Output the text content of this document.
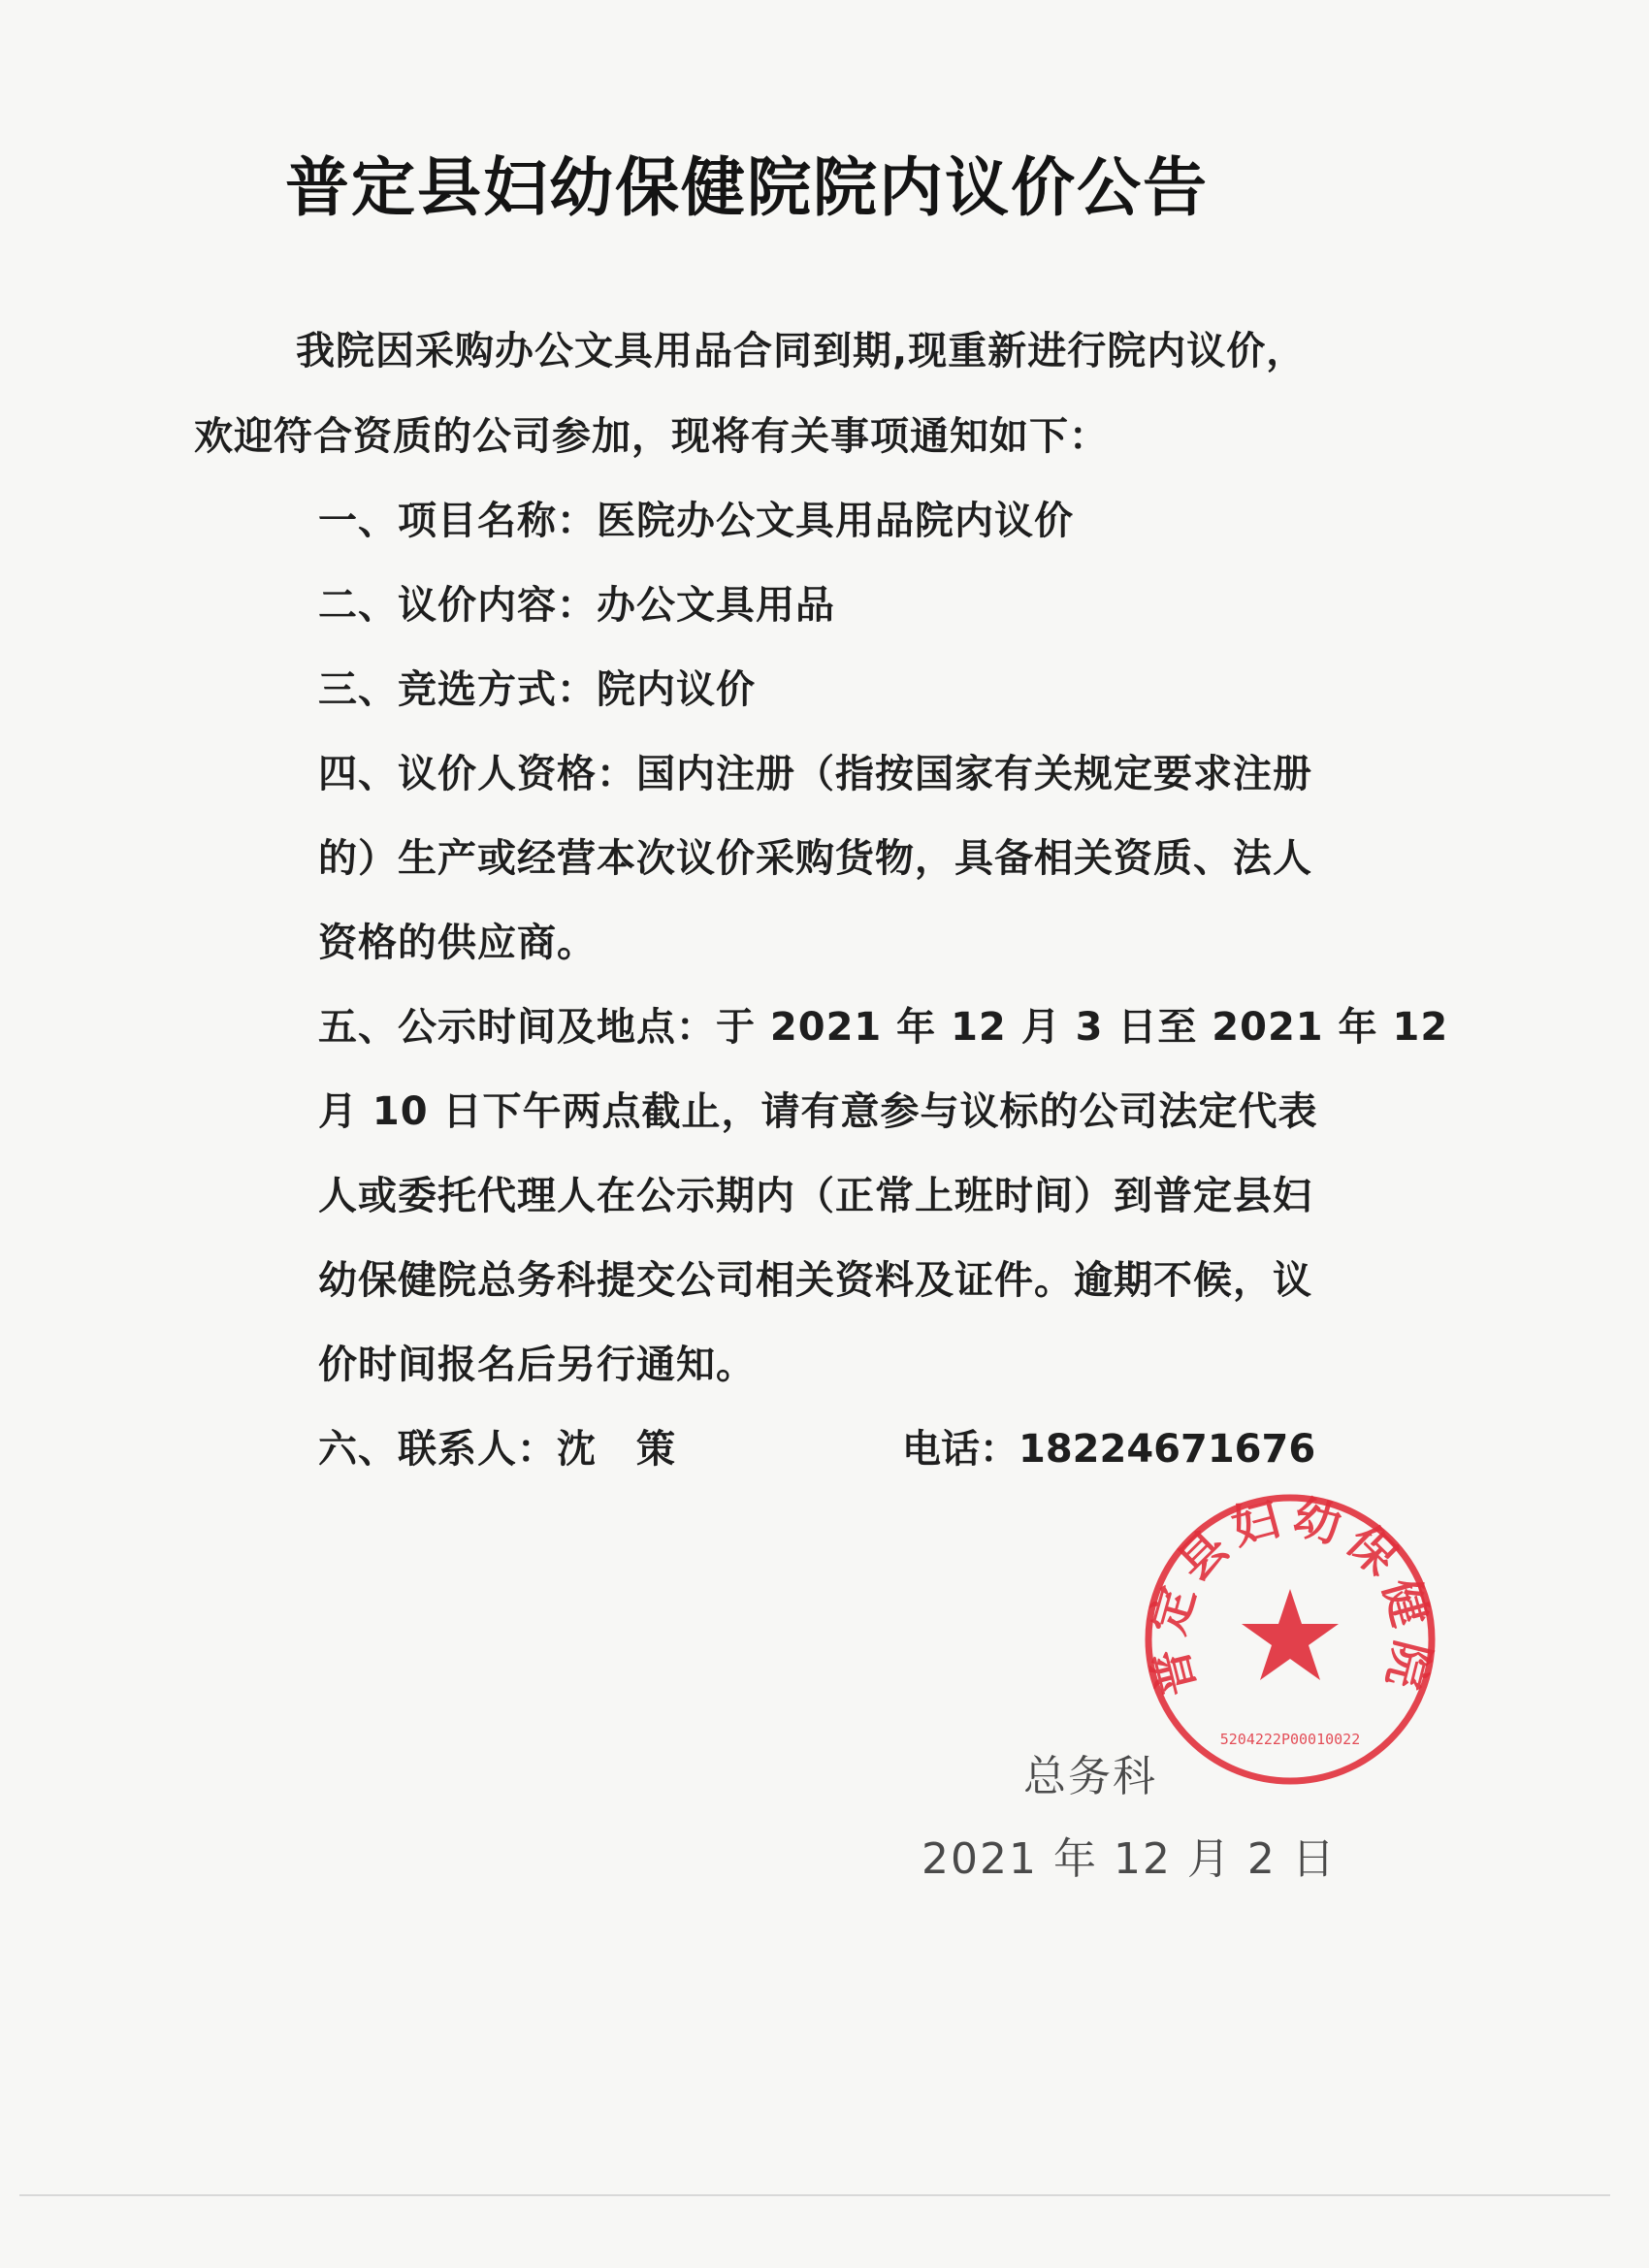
普定县妇幼保健院院内议价公告
我院因采购办公文具用品合同到期,现重新进行院内议价，
欢迎符合资质的公司参加，现将有关事项通知如下：
一、项目名称：医院办公文具用品院内议价
二、议价内容：办公文具用品
三、竞选方式：院内议价
四、议价人资格：国内注册（指按国家有关规定要求注册
的）生产或经营本次议价采购货物，具备相关资质、法人
资格的供应商。
五、公示时间及地点：于 2021 年 12 月 3 日至 2021 年 12
月 10 日下午两点截止，请有意参与议标的公司法定代表
人或委托代理人在公示期内（正常上班时间）到普定县妇
幼保健院总务科提交公司相关资料及证件。逾期不候，议
价时间报名后另行通知。
六、联系人：沈　策	电话：18224671676
普定县妇幼保健院
5204222P00010022
总务科
2021 年 12 月 2 日
